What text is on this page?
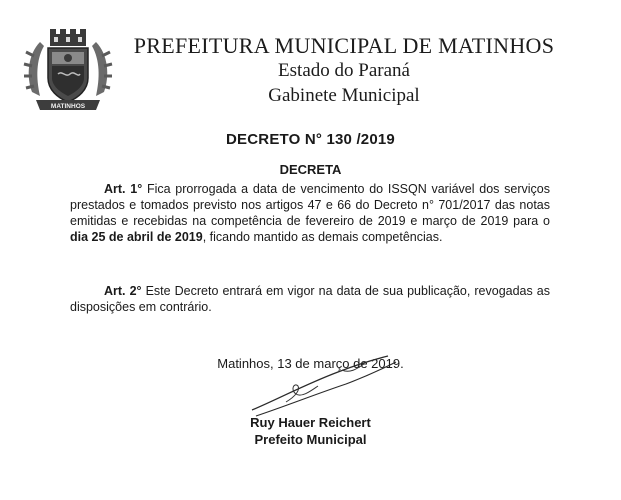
MATINHOS
PREFEITURA MUNICIPAL DE MATINHOS
Estado do Paraná
Gabinete Municipal
DECRETO N° 130 /2019
DECRETA
Art. 1° Fica prorrogada a data de vencimento do ISSQN variável dos serviços prestados e tomados previsto nos artigos 47 e 66 do Decreto n° 701/2017 das notas emitidas e recebidas na competência de fevereiro de 2019 e março de 2019 para o dia 25 de abril de 2019, ficando mantido as demais competências.
Art. 2° Este Decreto entrará em vigor na data de sua publicação, revogadas as disposições em contrário.
Matinhos, 13 de março de 2019.
Ruy Hauer Reichert
Prefeito Municipal
